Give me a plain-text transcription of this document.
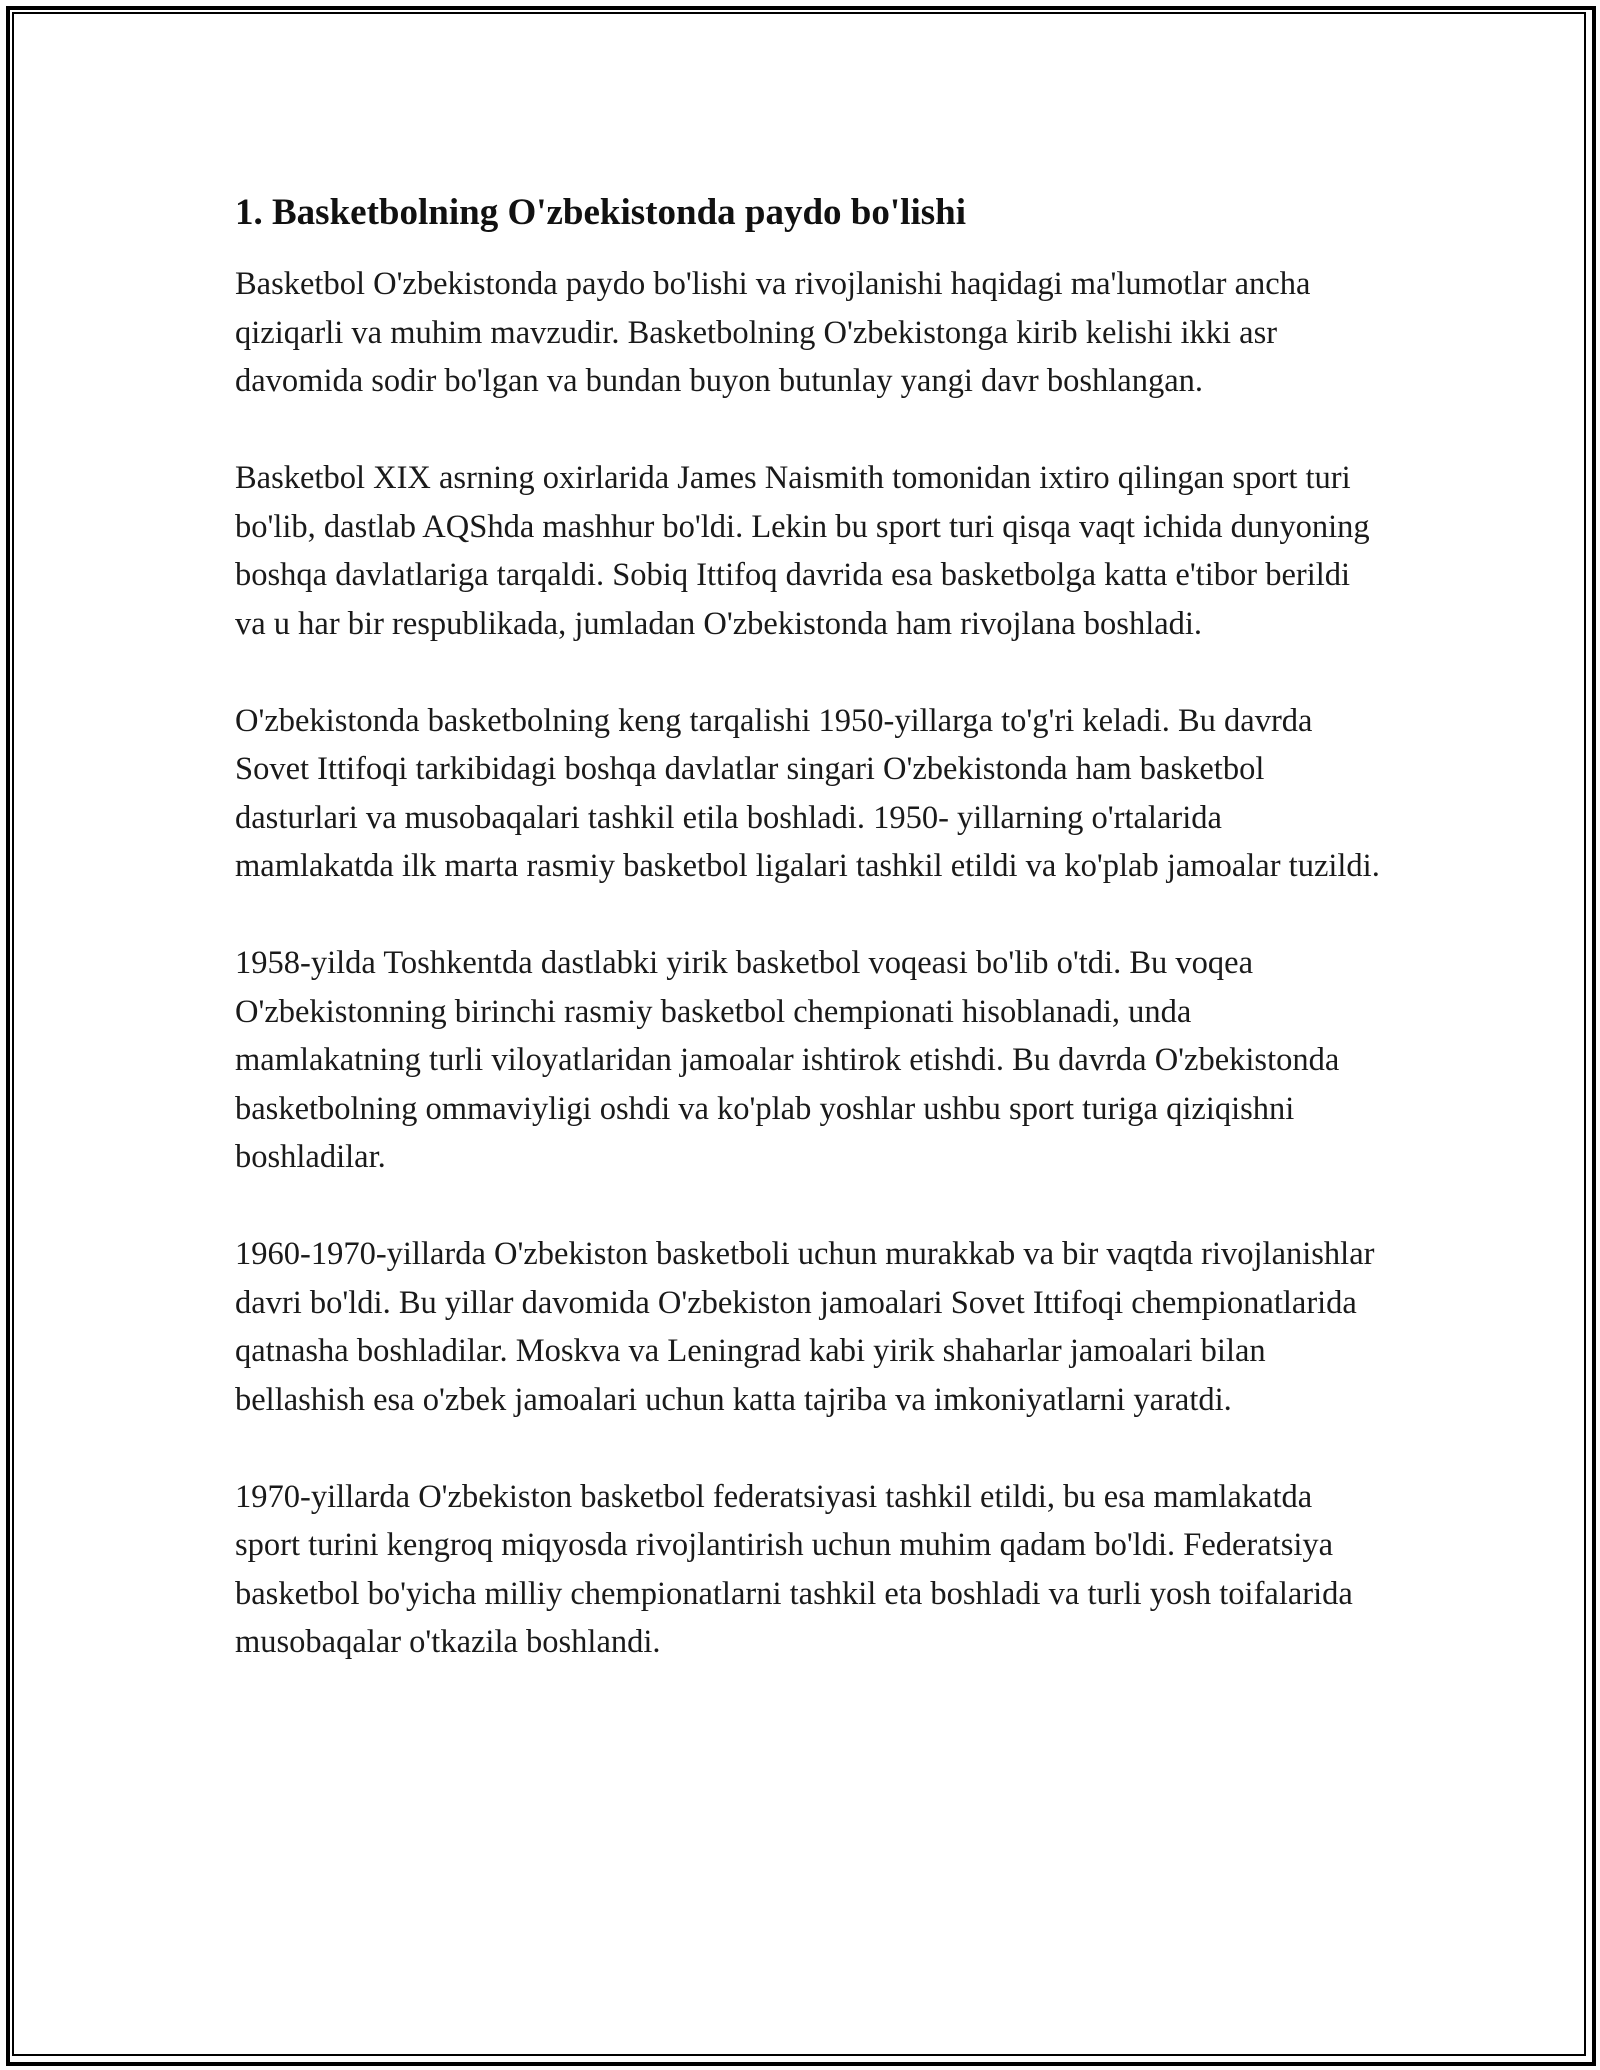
1. Basketbolning O'zbekistonda paydo bo'lishi

Basketbol O'zbekistonda paydo bo'lishi va rivojlanishi haqidagi ma'lumotlar ancha qiziqarli va muhim mavzudir. Basketbolning O'zbekistonga kirib kelishi ikki asr davomida sodir bo'lgan va bundan buyon butunlay yangi davr boshlangan.

Basketbol XIX asrning oxirlarida James Naismith tomonidan ixtiro qilingan sport turi bo'lib, dastlab AQShda mashhur bo'ldi. Lekin bu sport turi qisqa vaqt ichida dunyoning boshqa davlatlariga tarqaldi. Sobiq Ittifoq davrida esa basketbolga katta e'tibor berildi va u har bir respublikada, jumladan O'zbekistonda ham rivojlana boshladi.

O'zbekistonda basketbolning keng tarqalishi 1950-yillarga to'g'ri keladi. Bu davrda Sovet Ittifoqi tarkibidagi boshqa davlatlar singari O'zbekistonda ham basketbol dasturlari va musobaqalari tashkil etila boshladi. 1950- yillarning o'rtalarida mamlakatda ilk marta rasmiy basketbol ligalari tashkil etildi va ko'plab jamoalar tuzildi.

1958-yilda Toshkentda dastlabki yirik basketbol voqeasi bo'lib o'tdi. Bu voqea O'zbekistonning birinchi rasmiy basketbol chempionati hisoblanadi, unda mamlakatning turli viloyatlaridan jamoalar ishtirok etishdi. Bu davrda O'zbekistonda basketbolning ommaviyligi oshdi va ko'plab yoshlar ushbu sport turiga qiziqishni boshladilar.

1960-1970-yillarda O'zbekiston basketboli uchun murakkab va bir vaqtda rivojlanishlar davri bo'ldi. Bu yillar davomida O'zbekiston jamoalari Sovet Ittifoqi chempionatlarida qatnasha boshladilar. Moskva va Leningrad kabi yirik shaharlar jamoalari bilan bellashish esa o'zbek jamoalari uchun katta tajriba va imkoniyatlarni yaratdi.

1970-yillarda O'zbekiston basketbol federatsiyasi tashkil etildi, bu esa mamlakatda sport turini kengroq miqyosda rivojlantirish uchun muhim qadam bo'ldi. Federatsiya basketbol bo'yicha milliy chempionatlarni tashkil eta boshladi va turli yosh toifalarida musobaqalar o'tkazila boshlandi.
